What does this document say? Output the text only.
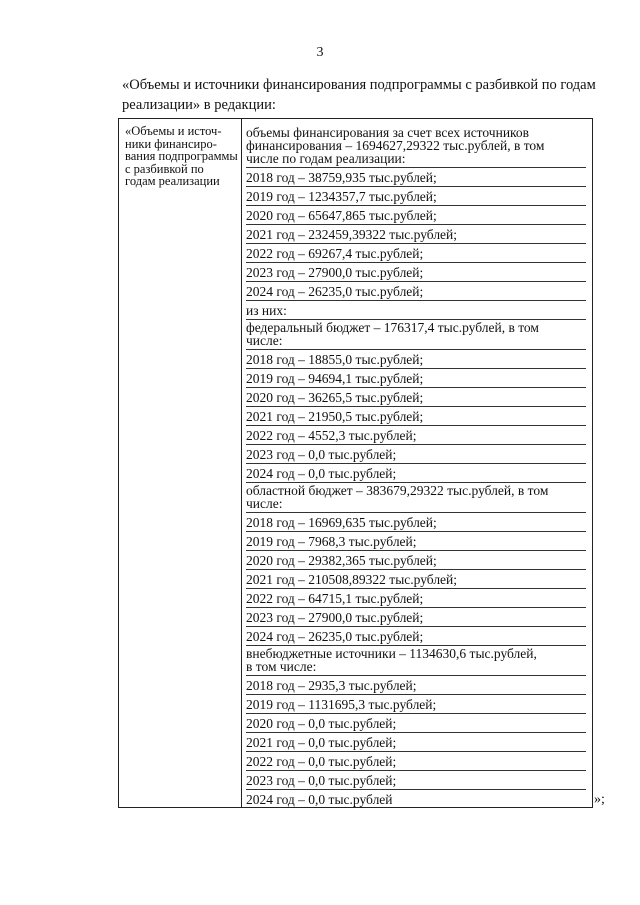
3
«Объемы и источники финансирования подпрограммы с разбивкой по годам реализации» в редакции:
«Объемы и источ-
ники финансиро-
вания подпрограммы
с разбивкой по
годам реализации
объемы финансирования за счет всех источников
финансирования – 1694627,29322 тыс.рублей, в том
числе по годам реализации:
2018 год – 38759,935 тыс.рублей;
2019 год – 1234357,7 тыс.рублей;
2020 год – 65647,865 тыс.рублей;
2021 год – 232459,39322 тыс.рублей;
2022 год – 69267,4 тыс.рублей;
2023 год – 27900,0 тыс.рублей;
2024 год – 26235,0 тыс.рублей;
из них:
федеральный бюджет – 176317,4 тыс.рублей, в том
числе:
2018 год – 18855,0 тыс.рублей;
2019 год – 94694,1 тыс.рублей;
2020 год – 36265,5 тыс.рублей;
2021 год – 21950,5 тыс.рублей;
2022 год – 4552,3 тыс.рублей;
2023 год – 0,0 тыс.рублей;
2024 год – 0,0 тыс.рублей;
областной бюджет – 383679,29322 тыс.рублей, в том
числе:
2018 год – 16969,635 тыс.рублей;
2019 год – 7968,3 тыс.рублей;
2020 год – 29382,365 тыс.рублей;
2021 год – 210508,89322 тыс.рублей;
2022 год – 64715,1 тыс.рублей;
2023 год – 27900,0 тыс.рублей;
2024 год – 26235,0 тыс.рублей;
внебюджетные источники – 1134630,6 тыс.рублей,
в том числе:
2018 год – 2935,3 тыс.рублей;
2019 год – 1131695,3 тыс.рублей;
2020 год – 0,0 тыс.рублей;
2021 год – 0,0 тыс.рублей;
2022 год – 0,0 тыс.рублей;
2023 год – 0,0 тыс.рублей;
2024 год – 0,0 тыс.рублей	»;
